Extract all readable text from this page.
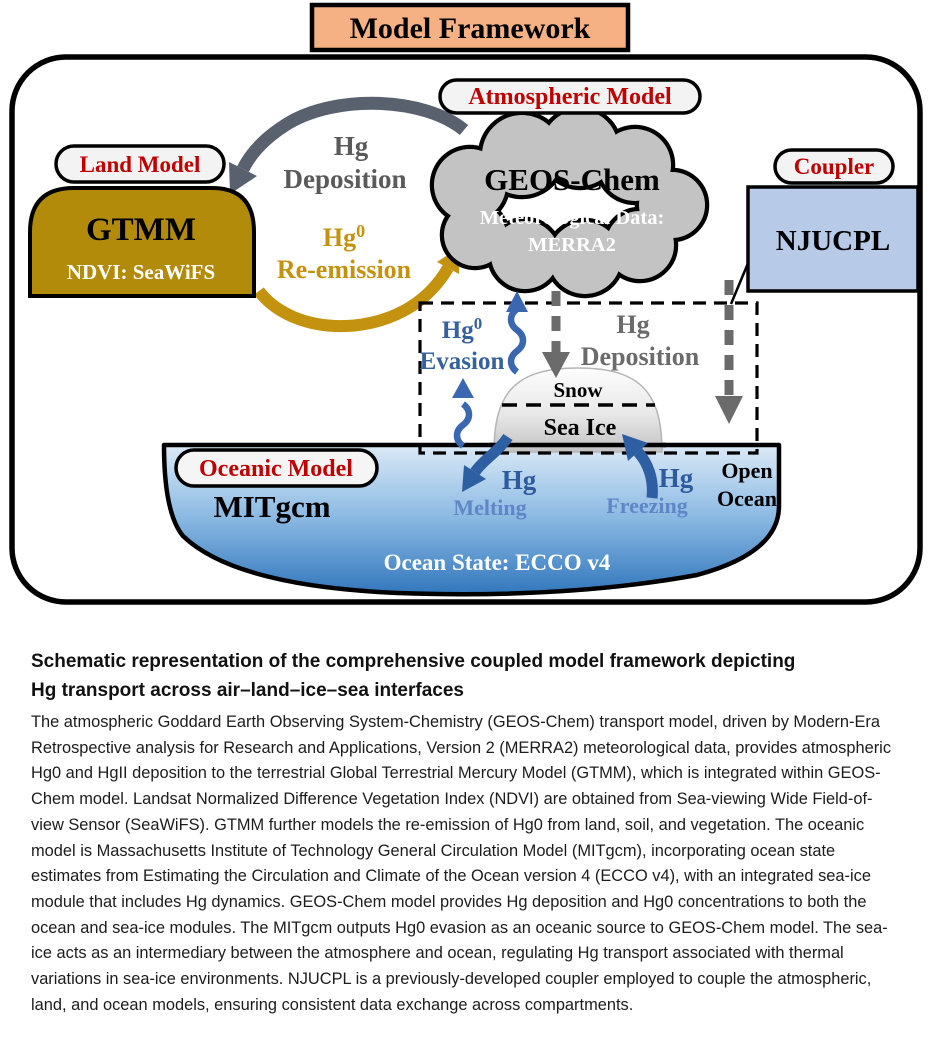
Model Framework
Hg
Deposition
Hg$^0$
Re-emission
GEOS-Chem
Meteorological Data:
MERRA2
Atmospheric Model
Land Model
GTMM
NDVI: SeaWiFS
Coupler
NJUCPL
Snow
Sea Ice
Hg$^0$
Evasion
Hg
Deposition
Oceanic Model
MITgcm
Ocean State: ECCO v4
Hg
Melting
Hg
Freezing
Open
Ocean
Schematic representation of the comprehensive coupled model framework depicting
Hg transport across air–land–ice–sea interfaces
The atmospheric Goddard Earth Observing System-Chemistry (GEOS-Chem) transport model, driven by Modern-Era Retrospective analysis for Research and Applications, Version 2 (MERRA2) meteorological data, provides atmospheric Hg0 and HgII deposition to the terrestrial Global Terrestrial Mercury Model (GTMM), which is integrated within GEOS-Chem model. Landsat Normalized Difference Vegetation Index (NDVI) are obtained from Sea-viewing Wide Field-of-view Sensor (SeaWiFS). GTMM further models the re-emission of Hg0 from land, soil, and vegetation. The oceanic model is Massachusetts Institute of Technology General Circulation Model (MITgcm), incorporating ocean state estimates from Estimating the Circulation and Climate of the Ocean version 4 (ECCO v4), with an integrated sea-ice module that includes Hg dynamics. GEOS-Chem model provides Hg deposition and Hg0 concentrations to both the ocean and sea-ice modules. The MITgcm outputs Hg0 evasion as an oceanic source to GEOS-Chem model. The sea-ice acts as an intermediary between the atmosphere and ocean, regulating Hg transport associated with thermal variations in sea-ice environments. NJUCPL is a previously-developed coupler employed to couple the atmospheric, land, and ocean models, ensuring consistent data exchange across compartments.
